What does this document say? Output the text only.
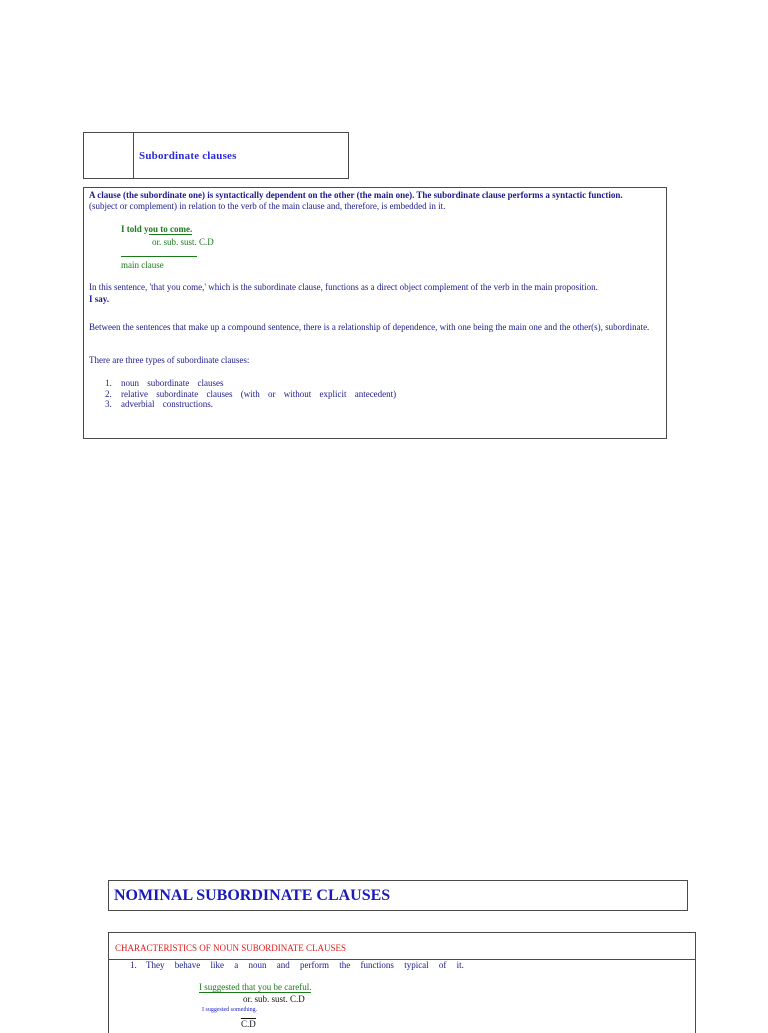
Subordinate clauses

A clause (the subordinate one) is syntactically dependent on the other (the main one). The subordinate clause performs a syntactic function.
(subject or complement) in relation to the verb of the main clause and, therefore, is embedded in it.

I told you to come.
or. sub. sust. C.D
main clause

In this sentence, 'that you come,' which is the subordinate clause, functions as a direct object complement of the verb in the main proposition.

I say.

Between the sentences that make up a compound sentence, there is a relationship of dependence, with one being the main one and the other(s), subordinate.

There are three types of subordinate clauses:

1. noun subordinate clauses
2. relative subordinate clauses (with or without explicit antecedent)
3. adverbial constructions.
NOMINAL SUBORDINATE CLAUSES
CHARACTERISTICS OF NOUN SUBORDINATE CLAUSES
1. They behave like a noun and perform the functions typical of it.
I suggested that you be careful.
or. sub. sust. C.D
I suggested something.
C.D
